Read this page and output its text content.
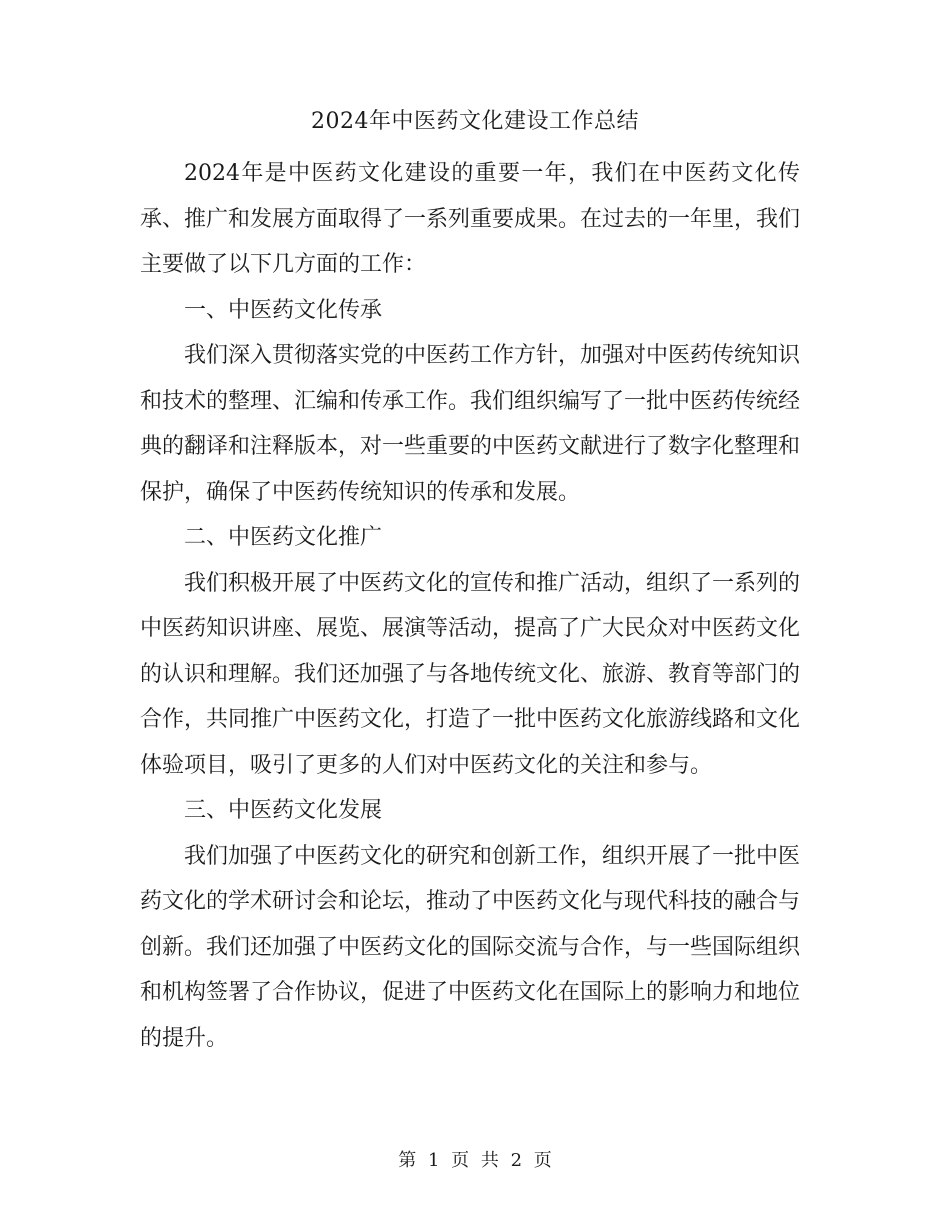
2024年中医药文化建设工作总结

2024年是中医药文化建设的重要一年，我们在中医药文化传承、推广和发展方面取得了一系列重要成果。在过去的一年里，我们主要做了以下几方面的工作：

一、中医药文化传承

我们深入贯彻落实党的中医药工作方针，加强对中医药传统知识和技术的整理、汇编和传承工作。我们组织编写了一批中医药传统经典的翻译和注释版本，对一些重要的中医药文献进行了数字化整理和保护，确保了中医药传统知识的传承和发展。

二、中医药文化推广

我们积极开展了中医药文化的宣传和推广活动，组织了一系列的中医药知识讲座、展览、展演等活动，提高了广大民众对中医药文化的认识和理解。我们还加强了与各地传统文化、旅游、教育等部门的合作，共同推广中医药文化，打造了一批中医药文化旅游线路和文化体验项目，吸引了更多的人们对中医药文化的关注和参与。

三、中医药文化发展

我们加强了中医药文化的研究和创新工作，组织开展了一批中医药文化的学术研讨会和论坛，推动了中医药文化与现代科技的融合与创新。我们还加强了中医药文化的国际交流与合作，与一些国际组织和机构签署了合作协议，促进了中医药文化在国际上的影响力和地位的提升。

第 1 页 共 2 页
